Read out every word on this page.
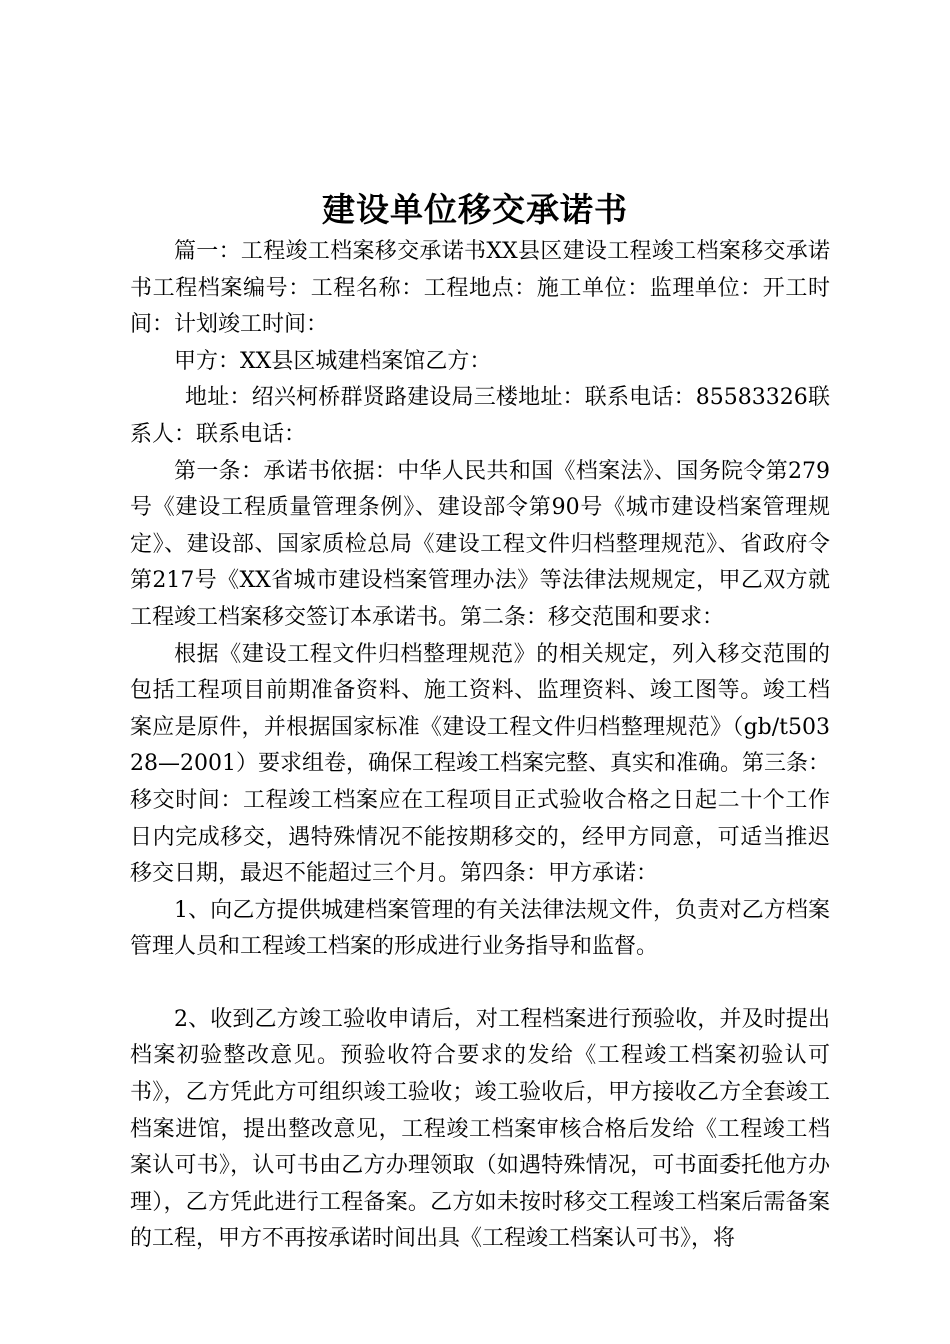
建设单位移交承诺书

篇一：工程竣工档案移交承诺书XX县区建设工程竣工档案移交承诺书工程档案编号：工程名称：工程地点：施工单位：监理单位：开工时间：计划竣工时间：

甲方：XX县区城建档案馆乙方：

地址：绍兴柯桥群贤路建设局三楼地址：联系电话：85583326联系人：联系电话：

第一条：承诺书依据：中华人民共和国《档案法》、国务院令第279号《建设工程质量管理条例》、建设部令第90号《城市建设档案管理规定》、建设部、国家质检总局《建设工程文件归档整理规范》、省政府令第217号《XX省城市建设档案管理办法》等法律法规规定，甲乙双方就工程竣工档案移交签订本承诺书。第二条：移交范围和要求：

根据《建设工程文件归档整理规范》的相关规定，列入移交范围的包括工程项目前期准备资料、施工资料、监理资料、竣工图等。竣工档案应是原件，并根据国家标准《建设工程文件归档整理规范》（gb/t50328—2001）要求组卷，确保工程竣工档案完整、真实和准确。第三条：移交时间：工程竣工档案应在工程项目正式验收合格之日起二十个工作日内完成移交，遇特殊情况不能按期移交的，经甲方同意，可适当推迟移交日期，最迟不能超过三个月。第四条：甲方承诺：

1、向乙方提供城建档案管理的有关法律法规文件，负责对乙方档案管理人员和工程竣工档案的形成进行业务指导和监督。

2、收到乙方竣工验收申请后，对工程档案进行预验收，并及时提出档案初验整改意见。预验收符合要求的发给《工程竣工档案初验认可书》，乙方凭此方可组织竣工验收；竣工验收后，甲方接收乙方全套竣工档案进馆，提出整改意见，工程竣工档案审核合格后发给《工程竣工档案认可书》，认可书由乙方办理领取（如遇特殊情况，可书面委托他方办理），乙方凭此进行工程备案。乙方如未按时移交工程竣工档案后需备案的工程，甲方不再按承诺时间出具《工程竣工档案认可书》，将
